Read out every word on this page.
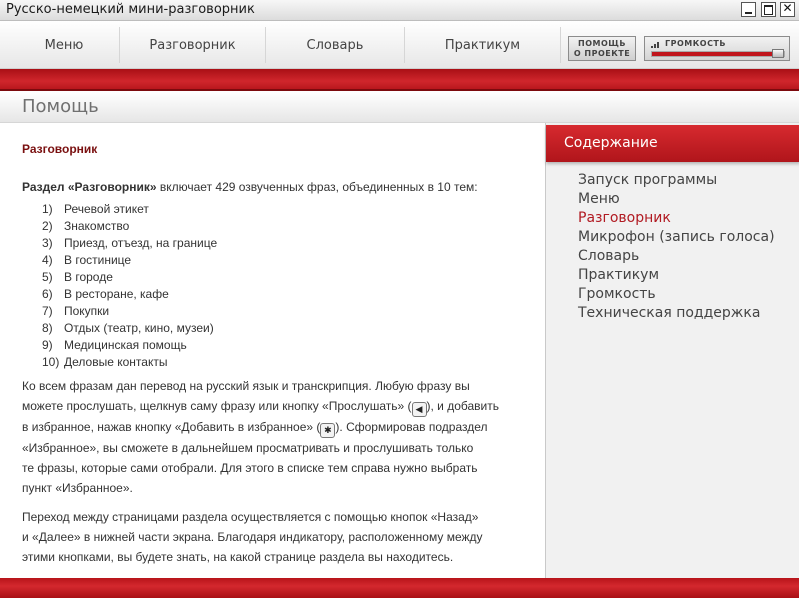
Русско-немецкий мини-разговорник	✕
Меню	Разговорник	Словарь	Практикум	ПОМОЩЬ
О ПРОЕКТЕ
ГРОМКОСТЬ
Помощь
Разговорник
Раздел «Разговорник» включает 429 озвученных фраз, объединенных в 10 тем:
1) Речевой этикет
2) Знакомство
3) Приезд, отъезд, на границе
4) В гостинице
5) В городе
6) В ресторане, кафе
7) Покупки
8) Отдых (театр, кино, музеи)
9) Медицинская помощь
10) Деловые контакты
Ко всем фразам дан перевод на русский язык и транскрипция. Любую фразу вы
можете прослушать, щелкнув саму фразу или кнопку «Прослушать» ( ◀ ), и добавить
в избранное, нажав кнопку «Добавить в избранное» ( ✱ ). Сформировав подраздел
«Избранное», вы сможете в дальнейшем просматривать и прослушивать только
те фразы, которые сами отобрали. Для этого в списке тем справа нужно выбрать
пункт «Избранное».
Переход между страницами раздела осуществляется с помощью кнопок «Назад»
и «Далее» в нижней части экрана. Благодаря индикатору, расположенному между
этими кнопками, вы будете знать, на какой странице раздела вы находитесь.
Содержание
Запуск программы
Меню
Разговорник
Микрофон (запись голоса)
Словарь
Практикум
Громкость
Техническая поддержка
